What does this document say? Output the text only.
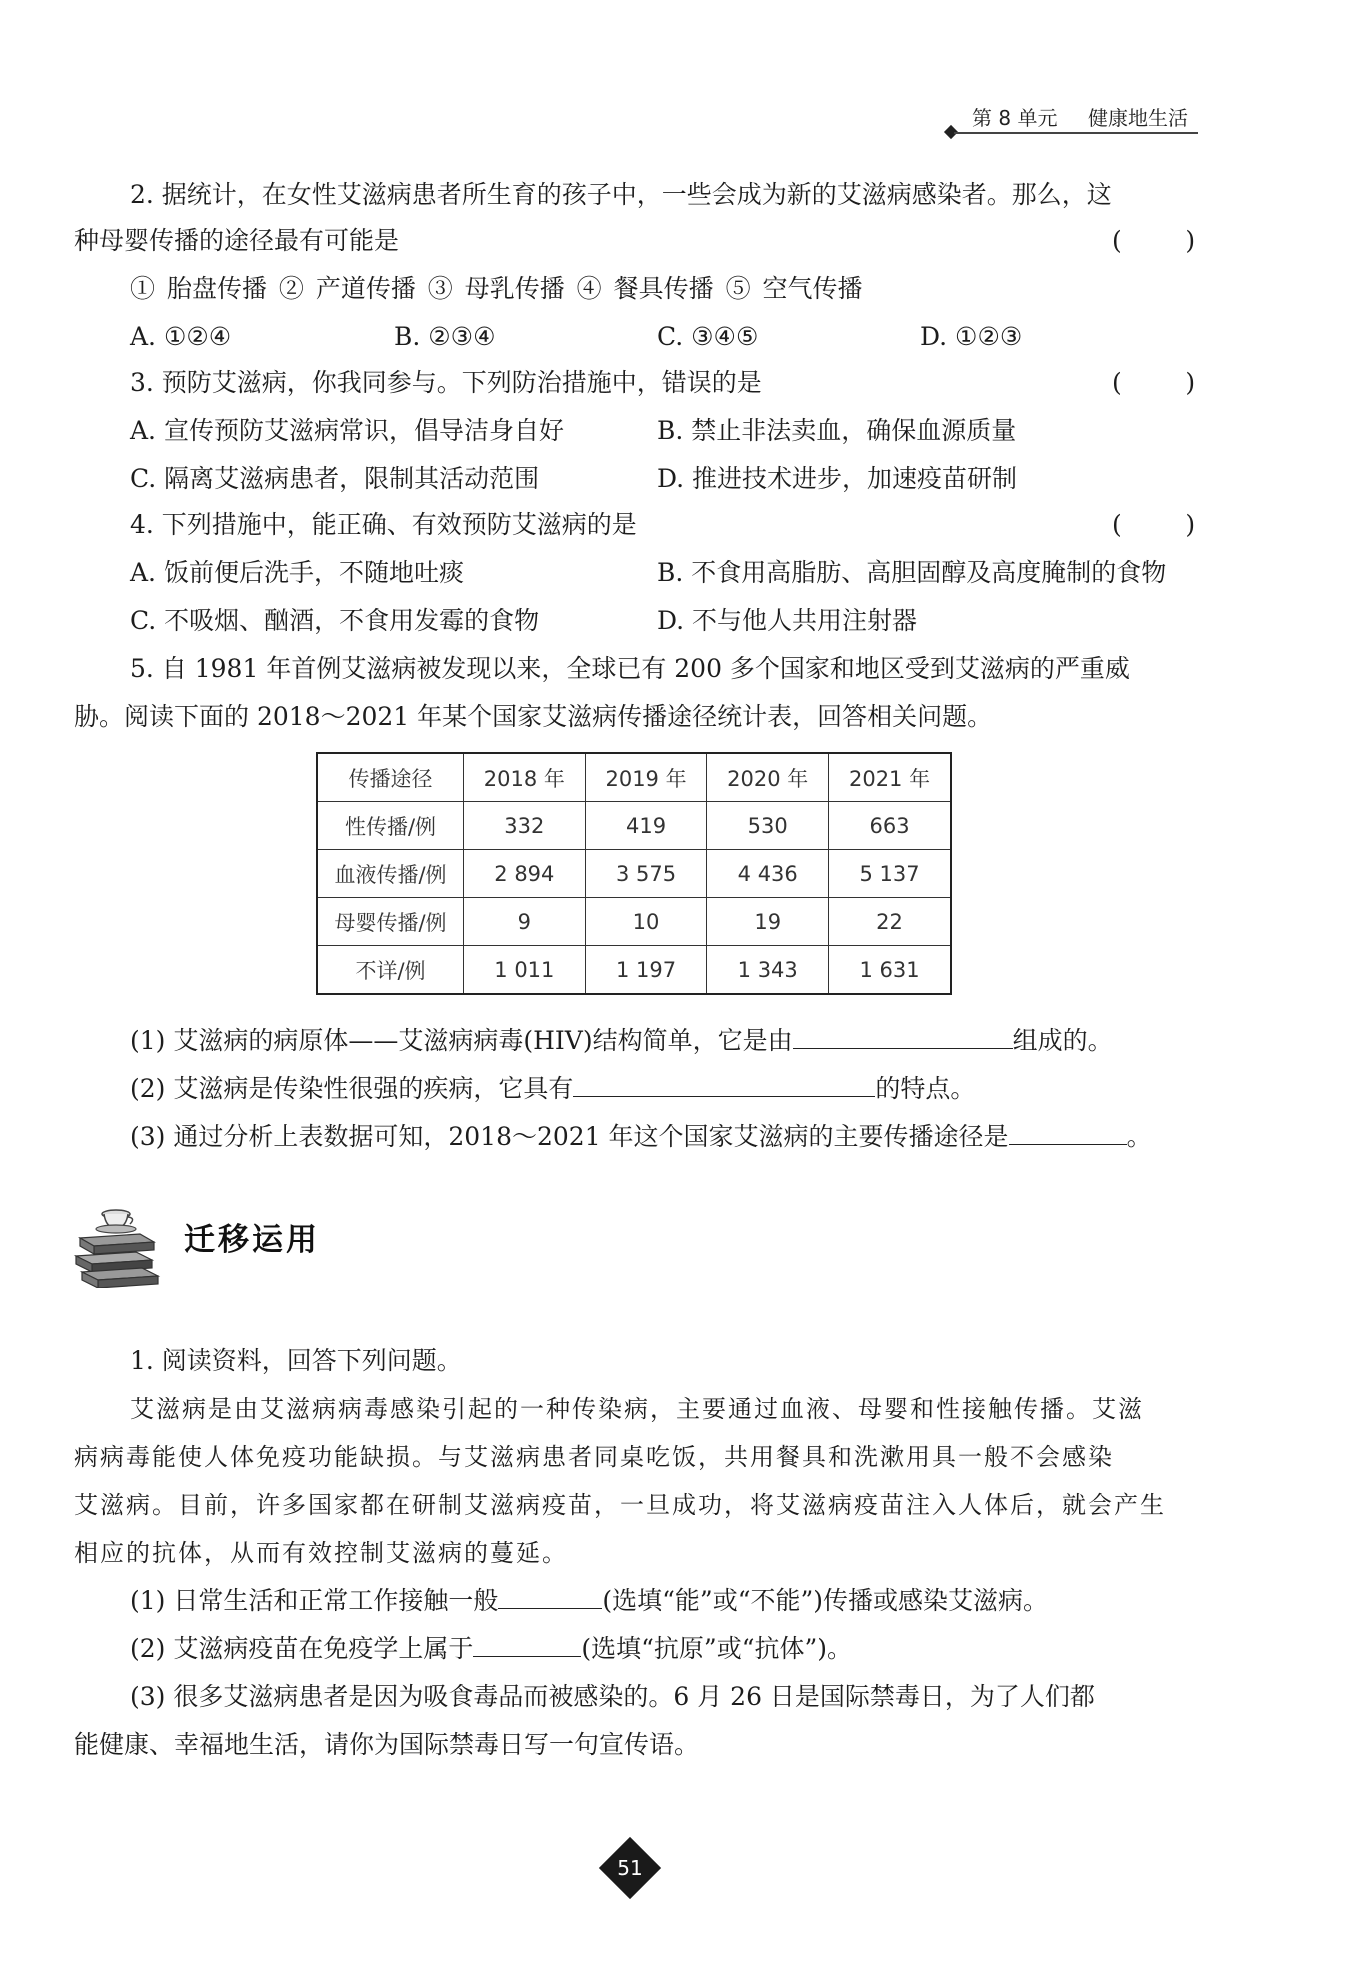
第 8 单元 健康地生活
2. 据统计，在女性艾滋病患者所生育的孩子中，一些会成为新的艾滋病感染者。那么，这
种母婴传播的途径最有可能是	(        )
① 胎盘传播 ② 产道传播 ③ 母乳传播 ④ 餐具传播 ⑤ 空气传播
A. ①②④	B. ②③④	C. ③④⑤	D. ①②③
3. 预防艾滋病，你我同参与。下列防治措施中，错误的是	(        )
A. 宣传预防艾滋病常识，倡导洁身自好	B. 禁止非法卖血，确保血源质量
C. 隔离艾滋病患者，限制其活动范围	D. 推进技术进步，加速疫苗研制
4. 下列措施中，能正确、有效预防艾滋病的是	(        )
A. 饭前便后洗手，不随地吐痰	B. 不食用高脂肪、高胆固醇及高度腌制的食物
C. 不吸烟、酗酒，不食用发霉的食物	D. 不与他人共用注射器
5. 自 1981 年首例艾滋病被发现以来，全球已有 200 多个国家和地区受到艾滋病的严重威
胁。阅读下面的 2018～2021 年某个国家艾滋病传播途径统计表，回答相关问题。
传播途径	2018 年	2019 年	2020 年	2021 年
性传播/例	332	419	530	663
血液传播/例	2 894	3 575	4 436	5 137
母婴传播/例	9	10	19	22
不详/例	1 011	1 197	1 343	1 631
(1) 艾滋病的病原体——艾滋病病毒(HIV)结构简单，它是由	组成的。
(2) 艾滋病是传染性很强的疾病，它具有	的特点。
(3) 通过分析上表数据可知，2018～2021 年这个国家艾滋病的主要传播途径是	。
迁移运用
1. 阅读资料，回答下列问题。
艾滋病是由艾滋病病毒感染引起的一种传染病，主要通过血液、母婴和性接触传播。艾滋
病病毒能使人体免疫功能缺损。与艾滋病患者同桌吃饭，共用餐具和洗漱用具一般不会感染
艾滋病。目前，许多国家都在研制艾滋病疫苗，一旦成功，将艾滋病疫苗注入人体后，就会产生
相应的抗体，从而有效控制艾滋病的蔓延。
(1) 日常生活和正常工作接触一般	(选填“能”或“不能”)传播或感染艾滋病。
(2) 艾滋病疫苗在免疫学上属于	(选填“抗原”或“抗体”)。
(3) 很多艾滋病患者是因为吸食毒品而被感染的。6 月 26 日是国际禁毒日，为了人们都
能健康、幸福地生活，请你为国际禁毒日写一句宣传语。
51
